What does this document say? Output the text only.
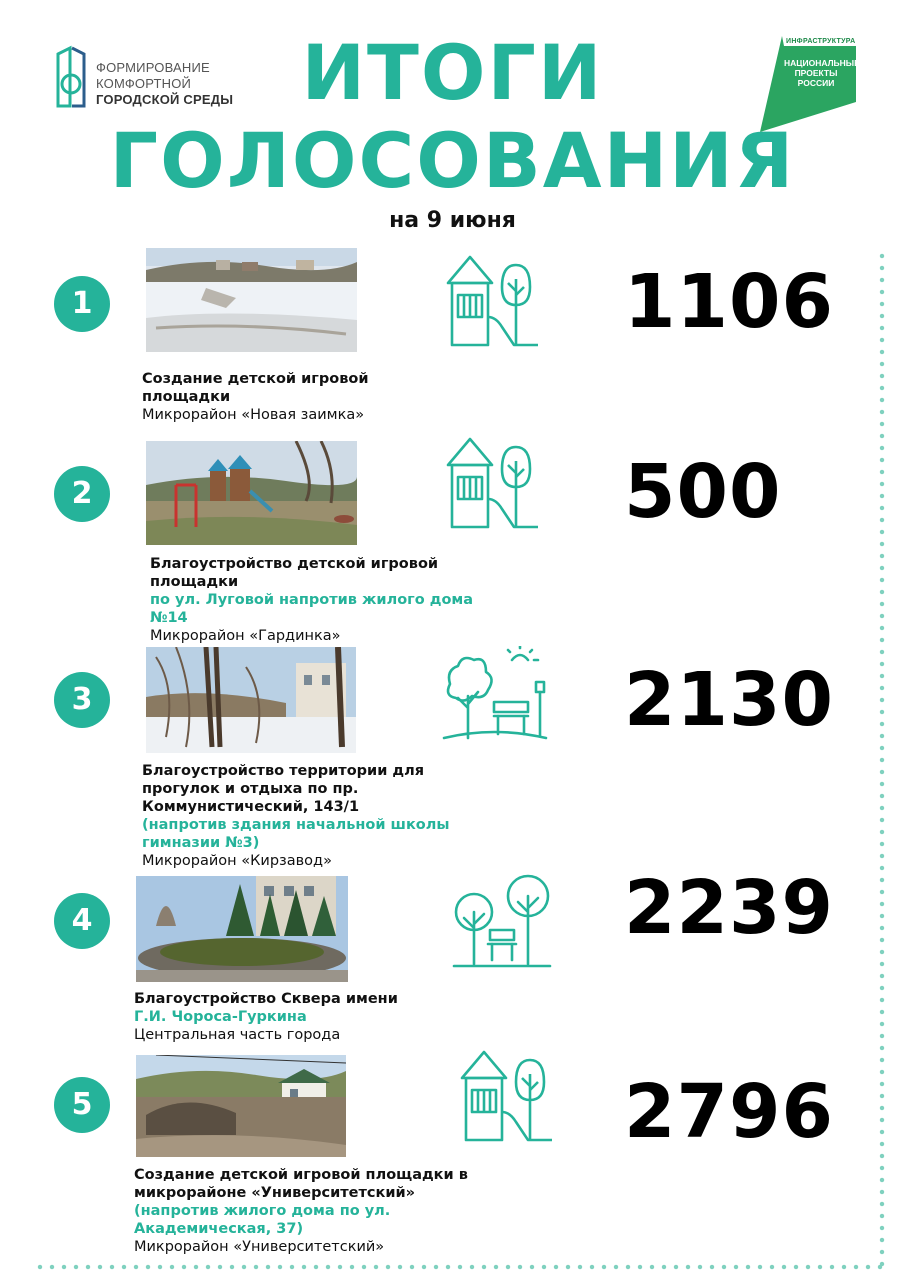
ФОРМИРОВАНИЕ
КОМФОРТНОЙ
ГОРОДСКОЙ СРЕДЫ
ИНФРАСТРУКТУРА
НАЦИОНАЛЬНЫЕ ПРОЕКТЫ РОССИИ
ИТОГИ
ГОЛОСОВАНИЯ
на 9 июня
1	1106
Создание детской игровой площадки
Микрорайон «Новая заимка»
2	500
Благоустройство детской игровой площадки
по ул. Луговой напротив жилого дома №14
Микрорайон «Гардинка»
3	2130
Благоустройство территории для прогулок и отдыха по пр. Коммунистический, 143/1
(напротив здания начальной школы гимназии №3)
Микрорайон «Кирзавод»
4	2239
Благоустройство Сквера имени
Г.И. Чороса-Гуркина
Центральная часть города
5	2796
Создание детской игровой площадки в микрорайоне «Университетский»
(напротив жилого дома по ул. Академическая, 37)
Микрорайон «Университетский»
